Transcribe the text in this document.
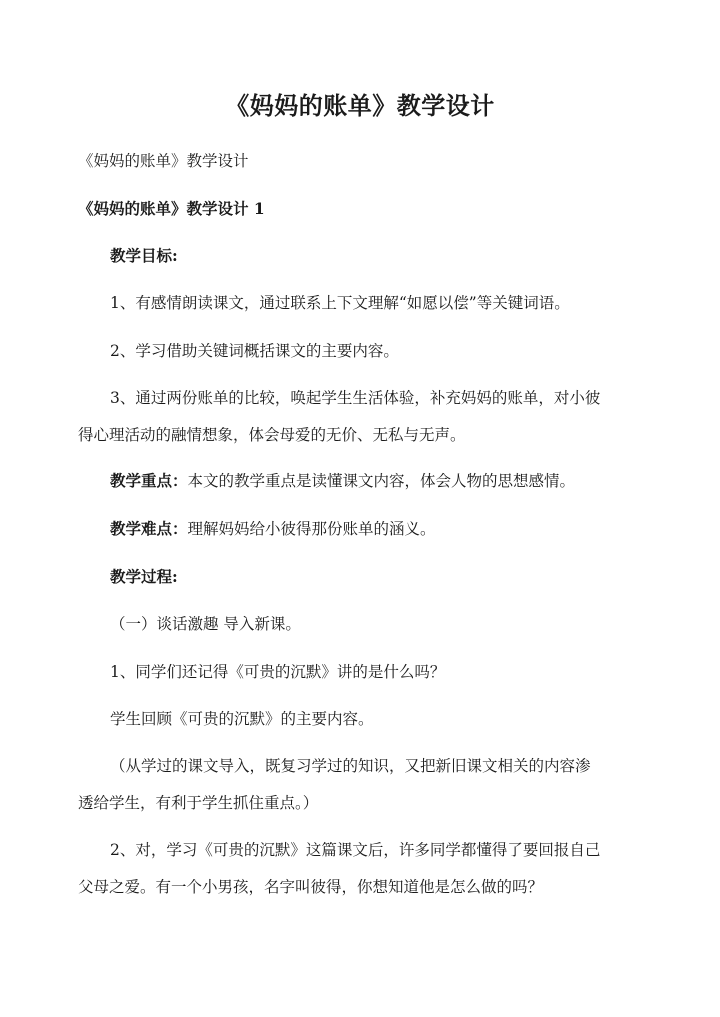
《妈妈的账单》教学设计
《妈妈的账单》教学设计
《妈妈的账单》教学设计 1
教学目标:
1、有感情朗读课文，通过联系上下文理解“如愿以偿”等关键词语。
2、学习借助关键词概括课文的主要内容。
3、通过两份账单的比较，唤起学生生活体验，补充妈妈的账单，对小彼
得心理活动的融情想象，体会母爱的无价、无私与无声。
教学重点：本文的教学重点是读懂课文内容，体会人物的思想感情。
教学难点：理解妈妈给小彼得那份账单的涵义。
教学过程:
（一）谈话激趣 导入新课。
1、同学们还记得《可贵的沉默》讲的是什么吗？
学生回顾《可贵的沉默》的主要内容。
（从学过的课文导入，既复习学过的知识，又把新旧课文相关的内容渗
透给学生，有利于学生抓住重点。）
2、对，学习《可贵的沉默》这篇课文后，许多同学都懂得了要回报自己
父母之爱。有一个小男孩，名字叫彼得，你想知道他是怎么做的吗？
